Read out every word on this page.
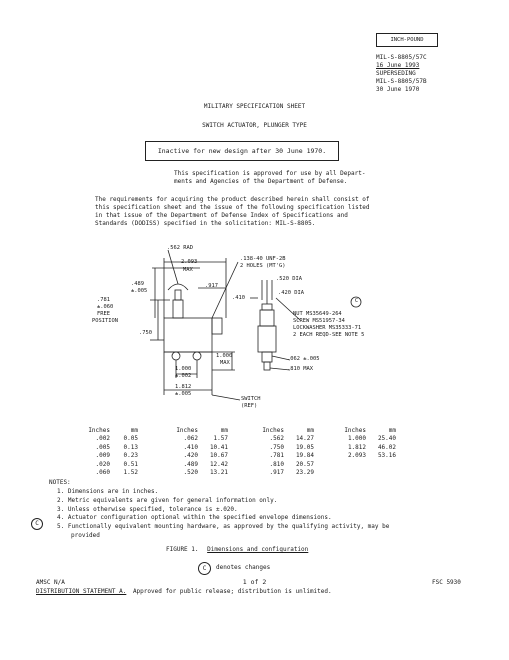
INCH-POUND
MIL-S-8805/57C
16 June 1993
SUPERSEDING
MIL-S-8805/57B
30 June 1970
MILITARY SPECIFICATION SHEET
SWITCH ACTUATOR, PLUNGER TYPE
Inactive for new design after 30 June 1970.
This specification is approved for use by all Depart-
ments and Agencies of the Department of Defense.
The requirements for acquiring the product described herein shall consist of
this specification sheet and the issue of the following specification listed
in that issue of the Department of Defense Index of Specifications and
Standards (DODISS) specified in the solicitation: MIL-S-8805.
.562 RAD
2.093
MAX
.489
±.005
.781
±.060
FREE
POSITION
.750
.917
.138-40 UNF-2B
2 HOLES (MT'G)
.410
.520 DIA
.420 DIA
C
NUT MS35649-264
SCREW MS51957-34
LOCKWASHER MS35333-71
2 EACH REQD-SEE NOTE 5
1.000
MAX
1.000
±.002
1.812
±.005
.062 ±.005
.810 MAX
SWITCH
(REF)
Inches	mm
.002	0.05
.005	0.13
.009	0.23
.020	0.51
.060	1.52
Inches	mm
.062	1.57
.410	10.41
.420	10.67
.489	12.42
.520	13.21
Inches	mm
.562	14.27
.750	19.05
.781	19.84
.810	20.57
.917	23.29
Inches	mm
1.000	25.40
1.812	46.02
2.093	53.16
NOTES:
1. Dimensions are in inches.
2. Metric equivalents are given for general information only.
3. Unless otherwise specified, tolerance is ±.020.
4. Actuator configuration optional within the specified envelope dimensions.
5. Functionally equivalent mounting hardware, as approved by the qualifying activity, may be
provided
C
FIGURE 1. Dimensions and configuration
C	denotes changes
AMSC N/A	1 of 2	FSC 5930
DISTRIBUTION STATEMENT A. Approved for public release; distribution is unlimited.
